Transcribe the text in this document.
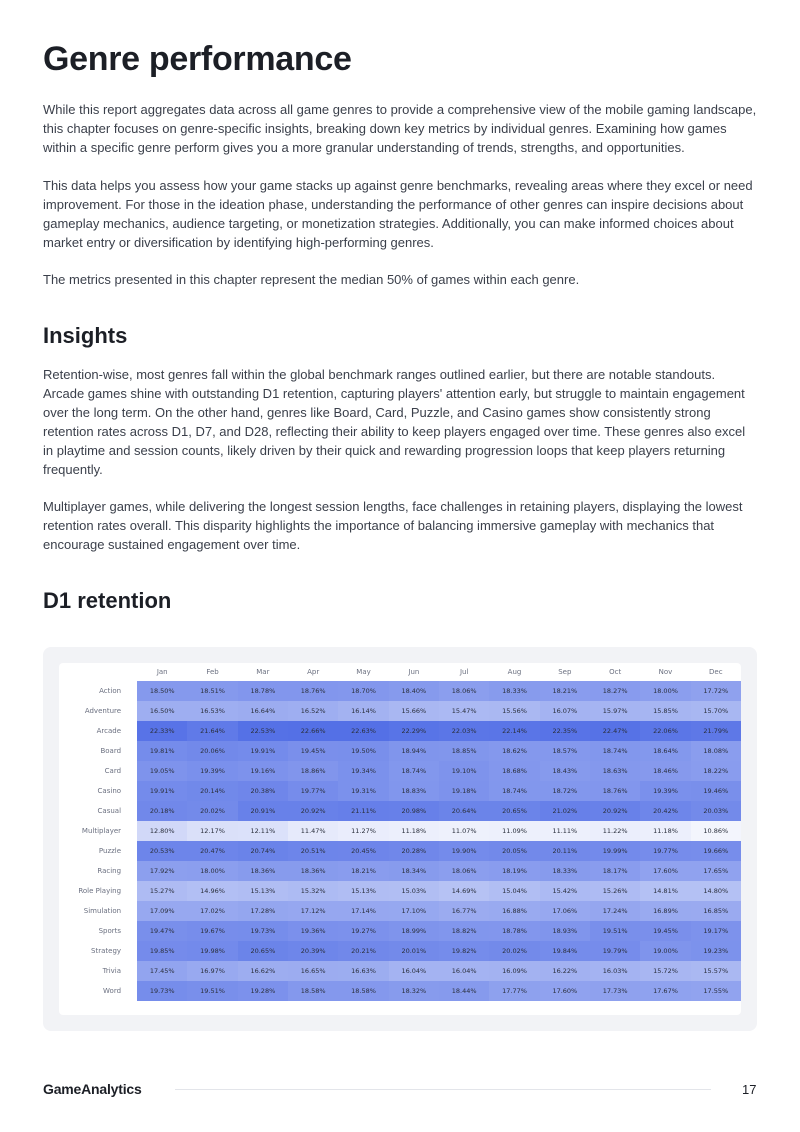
Genre performance

While this report aggregates data across all game genres to provide a comprehensive view of the mobile gaming landscape, this chapter focuses on genre-specific insights, breaking down key metrics by individual genres. Examining how games within a specific genre perform gives you a more granular understanding of trends, strengths, and opportunities.

This data helps you assess how your game stacks up against genre benchmarks, revealing areas where they excel or need improvement. For those in the ideation phase, understanding the performance of other genres can inspire decisions about gameplay mechanics, audience targeting, or monetization strategies. Additionally, you can make informed choices about market entry or diversification by identifying high-performing genres.

The metrics presented in this chapter represent the median 50% of games within each genre.

Insights

Retention-wise, most genres fall within the global benchmark ranges outlined earlier, but there are notable standouts. Arcade games shine with outstanding D1 retention, capturing players' attention early, but struggle to maintain engagement over the long term. On the other hand, genres like Board, Card, Puzzle, and Casino games show consistently strong retention rates across D1, D7, and D28, reflecting their ability to keep players engaged over time. These genres also excel in playtime and session counts, likely driven by their quick and rewarding progression loops that keep players returning frequently.

Multiplayer games, while delivering the longest session lengths, face challenges in retaining players, displaying the lowest retention rates overall. This disparity highlights the importance of balancing immersive gameplay with mechanics that encourage sustained engagement over time.

D1 retention
	Jan	Feb	Mar	Apr	May	Jun	Jul	Aug	Sep	Oct	Nov	Dec
Action	18.50%	18.51%	18.78%	18.76%	18.70%	18.40%	18.06%	18.33%	18.21%	18.27%	18.00%	17.72%
Adventure	16.50%	16.53%	16.64%	16.52%	16.14%	15.66%	15.47%	15.56%	16.07%	15.97%	15.85%	15.70%
Arcade	22.33%	21.64%	22.53%	22.66%	22.63%	22.29%	22.03%	22.14%	22.35%	22.47%	22.06%	21.79%
Board	19.81%	20.06%	19.91%	19.45%	19.50%	18.94%	18.85%	18.62%	18.57%	18.74%	18.64%	18.08%
Card	19.05%	19.39%	19.16%	18.86%	19.34%	18.74%	19.10%	18.68%	18.43%	18.63%	18.46%	18.22%
Casino	19.91%	20.14%	20.38%	19.77%	19.31%	18.83%	19.18%	18.74%	18.72%	18.76%	19.39%	19.46%
Casual	20.18%	20.02%	20.91%	20.92%	21.11%	20.98%	20.64%	20.65%	21.02%	20.92%	20.42%	20.03%
Multiplayer	12.80%	12.17%	12.11%	11.47%	11.27%	11.18%	11.07%	11.09%	11.11%	11.22%	11.18%	10.86%
Puzzle	20.53%	20.47%	20.74%	20.51%	20.45%	20.28%	19.90%	20.05%	20.11%	19.99%	19.77%	19.66%
Racing	17.92%	18.00%	18.36%	18.36%	18.21%	18.34%	18.06%	18.19%	18.33%	18.17%	17.60%	17.65%
Role Playing	15.27%	14.96%	15.13%	15.32%	15.13%	15.03%	14.69%	15.04%	15.42%	15.26%	14.81%	14.80%
Simulation	17.09%	17.02%	17.28%	17.12%	17.14%	17.10%	16.77%	16.88%	17.06%	17.24%	16.89%	16.85%
Sports	19.47%	19.67%	19.73%	19.36%	19.27%	18.99%	18.82%	18.78%	18.93%	19.51%	19.45%	19.17%
Strategy	19.85%	19.98%	20.65%	20.39%	20.21%	20.01%	19.82%	20.02%	19.84%	19.79%	19.00%	19.23%
Trivia	17.45%	16.97%	16.62%	16.65%	16.63%	16.04%	16.04%	16.09%	16.22%	16.03%	15.72%	15.57%
Word	19.73%	19.51%	19.28%	18.58%	18.58%	18.32%	18.44%	17.77%	17.60%	17.73%	17.67%	17.55%
GameAnalytics	17
